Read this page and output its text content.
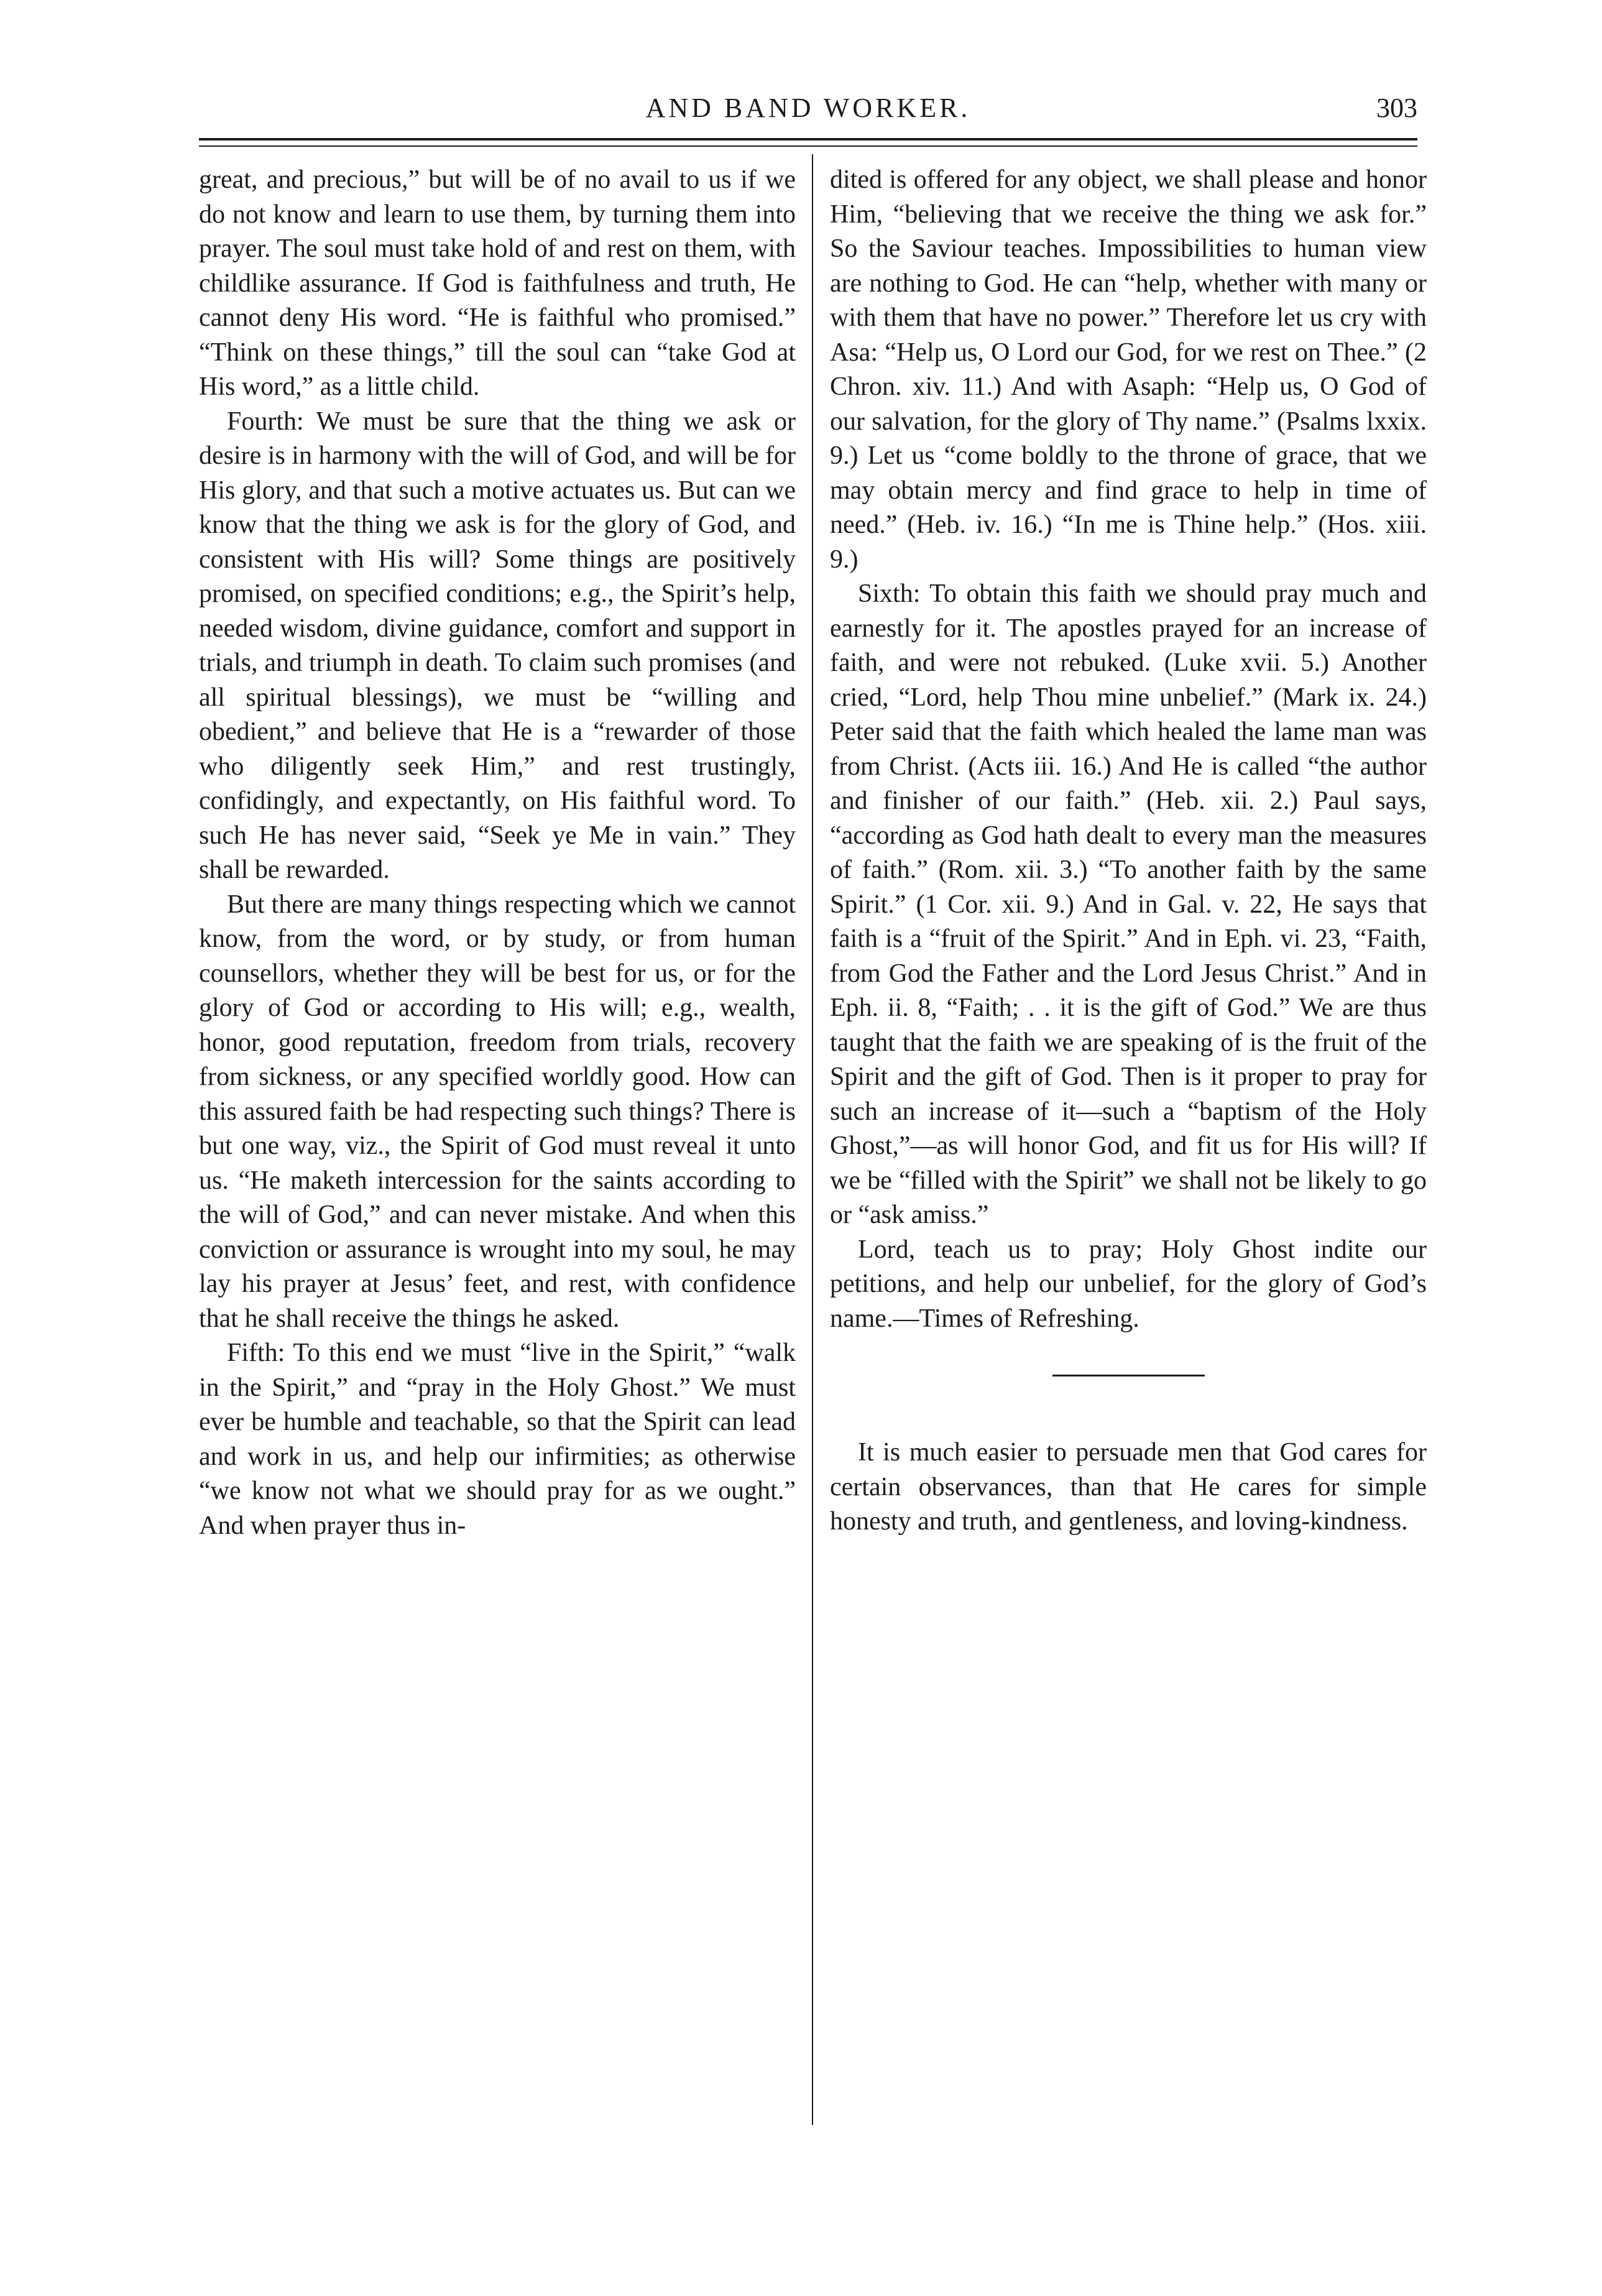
AND BAND WORKER.	303

great, and precious,” but will be of no avail to us if we do not know and learn to use them, by turning them into prayer. The soul must take hold of and rest on them, with childlike assurance. If God is faithfulness and truth, He cannot deny His word. “He is faithful who promised.” “Think on these things,” till the soul can “take God at His word,” as a little child.

Fourth: We must be sure that the thing we ask or desire is in harmony with the will of God, and will be for His glory, and that such a motive actuates us. But can we know that the thing we ask is for the glory of God, and consistent with His will? Some things are positively promised, on specified conditions; e.g., the Spirit’s help, needed wisdom, divine guidance, comfort and support in trials, and triumph in death. To claim such promises (and all spiritual blessings), we must be “willing and obedient,” and believe that He is a “rewarder of those who diligently seek Him,” and rest trustingly, confidingly, and expectantly, on His faithful word. To such He has never said, “Seek ye Me in vain.” They shall be rewarded.

But there are many things respecting which we cannot know, from the word, or by study, or from human counsellors, whether they will be best for us, or for the glory of God or according to His will; e.g., wealth, honor, good reputation, freedom from trials, recovery from sickness, or any specified worldly good. How can this assured faith be had respecting such things? There is but one way, viz., the Spirit of God must reveal it unto us. “He maketh intercession for the saints according to the will of God,” and can never mistake. And when this conviction or assurance is wrought into my soul, he may lay his prayer at Jesus’ feet, and rest, with confidence that he shall receive the things he asked.

Fifth: To this end we must “live in the Spirit,” “walk in the Spirit,” and “pray in the Holy Ghost.” We must ever be humble and teachable, so that the Spirit can lead and work in us, and help our infirmities; as otherwise “we know not what we should pray for as we ought.” And when prayer thus in-

dited is offered for any object, we shall please and honor Him, “believing that we receive the thing we ask for.” So the Saviour teaches. Impossibilities to human view are nothing to God. He can “help, whether with many or with them that have no power.” Therefore let us cry with Asa: “Help us, O Lord our God, for we rest on Thee.” (2 Chron. xiv. 11.) And with Asaph: “Help us, O God of our salvation, for the glory of Thy name.” (Psalms lxxix. 9.) Let us “come boldly to the throne of grace, that we may obtain mercy and find grace to help in time of need.” (Heb. iv. 16.) “In me is Thine help.” (Hos. xiii. 9.)

Sixth: To obtain this faith we should pray much and earnestly for it. The apostles prayed for an increase of faith, and were not rebuked. (Luke xvii. 5.) Another cried, “Lord, help Thou mine unbelief.” (Mark ix. 24.) Peter said that the faith which healed the lame man was from Christ. (Acts iii. 16.) And He is called “the author and finisher of our faith.” (Heb. xii. 2.) Paul says, “according as God hath dealt to every man the measures of faith.” (Rom. xii. 3.) “To another faith by the same Spirit.” (1 Cor. xii. 9.) And in Gal. v. 22, He says that faith is a “fruit of the Spirit.” And in Eph. vi. 23, “Faith, from God the Father and the Lord Jesus Christ.” And in Eph. ii. 8, “Faith; . . it is the gift of God.” We are thus taught that the faith we are speaking of is the fruit of the Spirit and the gift of God. Then is it proper to pray for such an increase of it—such a “baptism of the Holy Ghost,”—as will honor God, and fit us for His will? If we be “filled with the Spirit” we shall not be likely to go or “ask amiss.”

Lord, teach us to pray; Holy Ghost indite our petitions, and help our unbelief, for the glory of God’s name.—Times of Refreshing.

It is much easier to persuade men that God cares for certain observances, than that He cares for simple honesty and truth, and gentleness, and loving-kindness.
